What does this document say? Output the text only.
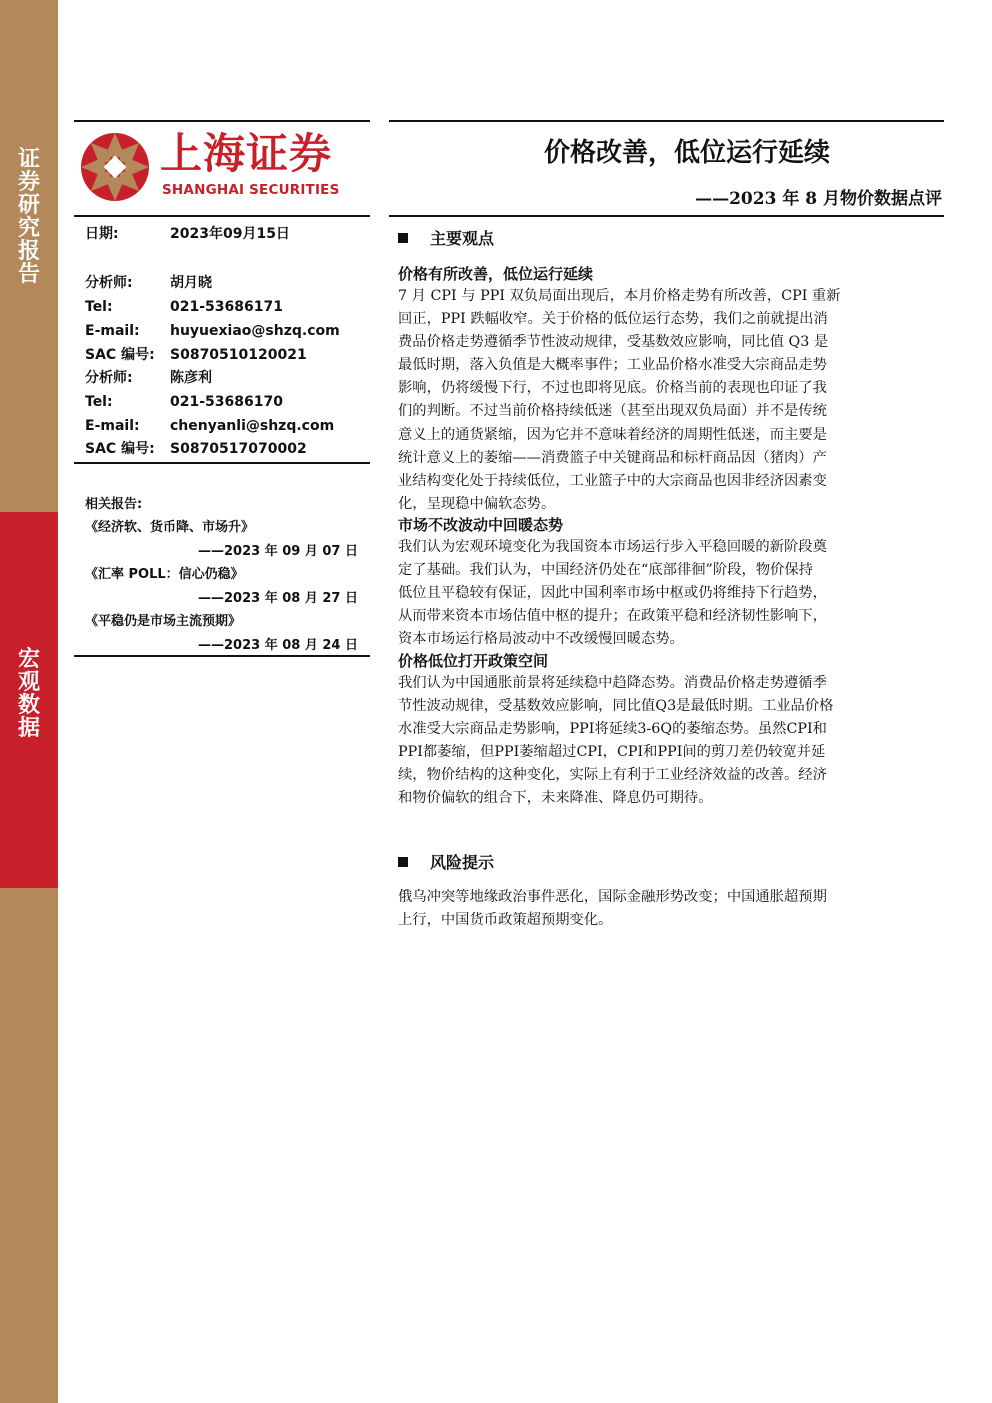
证
券
研
究
报
告
宏
观
数
据
上海证券
SHANGHAI SECURITIES
价格改善，低位运行延续
——2023 年 8 月物价数据点评
日期:	2023年09月15日
分析师:	胡月晓
Tel:	021-53686171
E-mail: huyuexiao@shzq.com
SAC 编号: S0870510120021
分析师:	陈彦利
Tel:	021-53686170
E-mail: chenyanli@shzq.com
SAC 编号: S0870517070002
相关报告:
《经济软、货币降、市场升》
——2023 年 09 月 07 日
《汇率 POLL：信心仍稳》
——2023 年 08 月 27 日
《平稳仍是市场主流预期》
——2023 年 08 月 24 日
主要观点
价格有所改善，低位运行延续
7 月 CPI 与 PPI 双负局面出现后，本月价格走势有所改善，CPI 重新
回正，PPI 跌幅收窄。关于价格的低位运行态势，我们之前就提出消
费品价格走势遵循季节性波动规律，受基数效应影响，同比值 Q3 是
最低时期，落入负值是大概率事件；工业品价格水准受大宗商品走势
影响，仍将缓慢下行，不过也即将见底。价格当前的表现也印证了我
们的判断。不过当前价格持续低迷（甚至出现双负局面）并不是传统
意义上的通货紧缩，因为它并不意味着经济的周期性低迷，而主要是
统计意义上的萎缩——消费篮子中关键商品和标杆商品因（猪肉）产
业结构变化处于持续低位，工业篮子中的大宗商品也因非经济因素变
化，呈现稳中偏软态势。
市场不改波动中回暖态势
我们认为宏观环境变化为我国资本市场运行步入平稳回暖的新阶段奠
定了基础。我们认为，中国经济仍处在“底部徘徊”阶段，物价保持
低位且平稳较有保证，因此中国利率市场中枢或仍将维持下行趋势，
从而带来资本市场估值中枢的提升；在政策平稳和经济韧性影响下，
资本市场运行格局波动中不改缓慢回暖态势。
价格低位打开政策空间
我们认为中国通胀前景将延续稳中趋降态势。消费品价格走势遵循季
节性波动规律，受基数效应影响，同比值Q3是最低时期。工业品价格
水准受大宗商品走势影响，PPI将延续3-6Q的萎缩态势。虽然CPI和
PPI都萎缩，但PPI萎缩超过CPI，CPI和PPI间的剪刀差仍较宽并延
续，物价结构的这种变化，实际上有利于工业经济效益的改善。经济
和物价偏软的组合下，未来降准、降息仍可期待。
风险提示
俄乌冲突等地缘政治事件恶化，国际金融形势改变；中国通胀超预期
上行，中国货币政策超预期变化。
